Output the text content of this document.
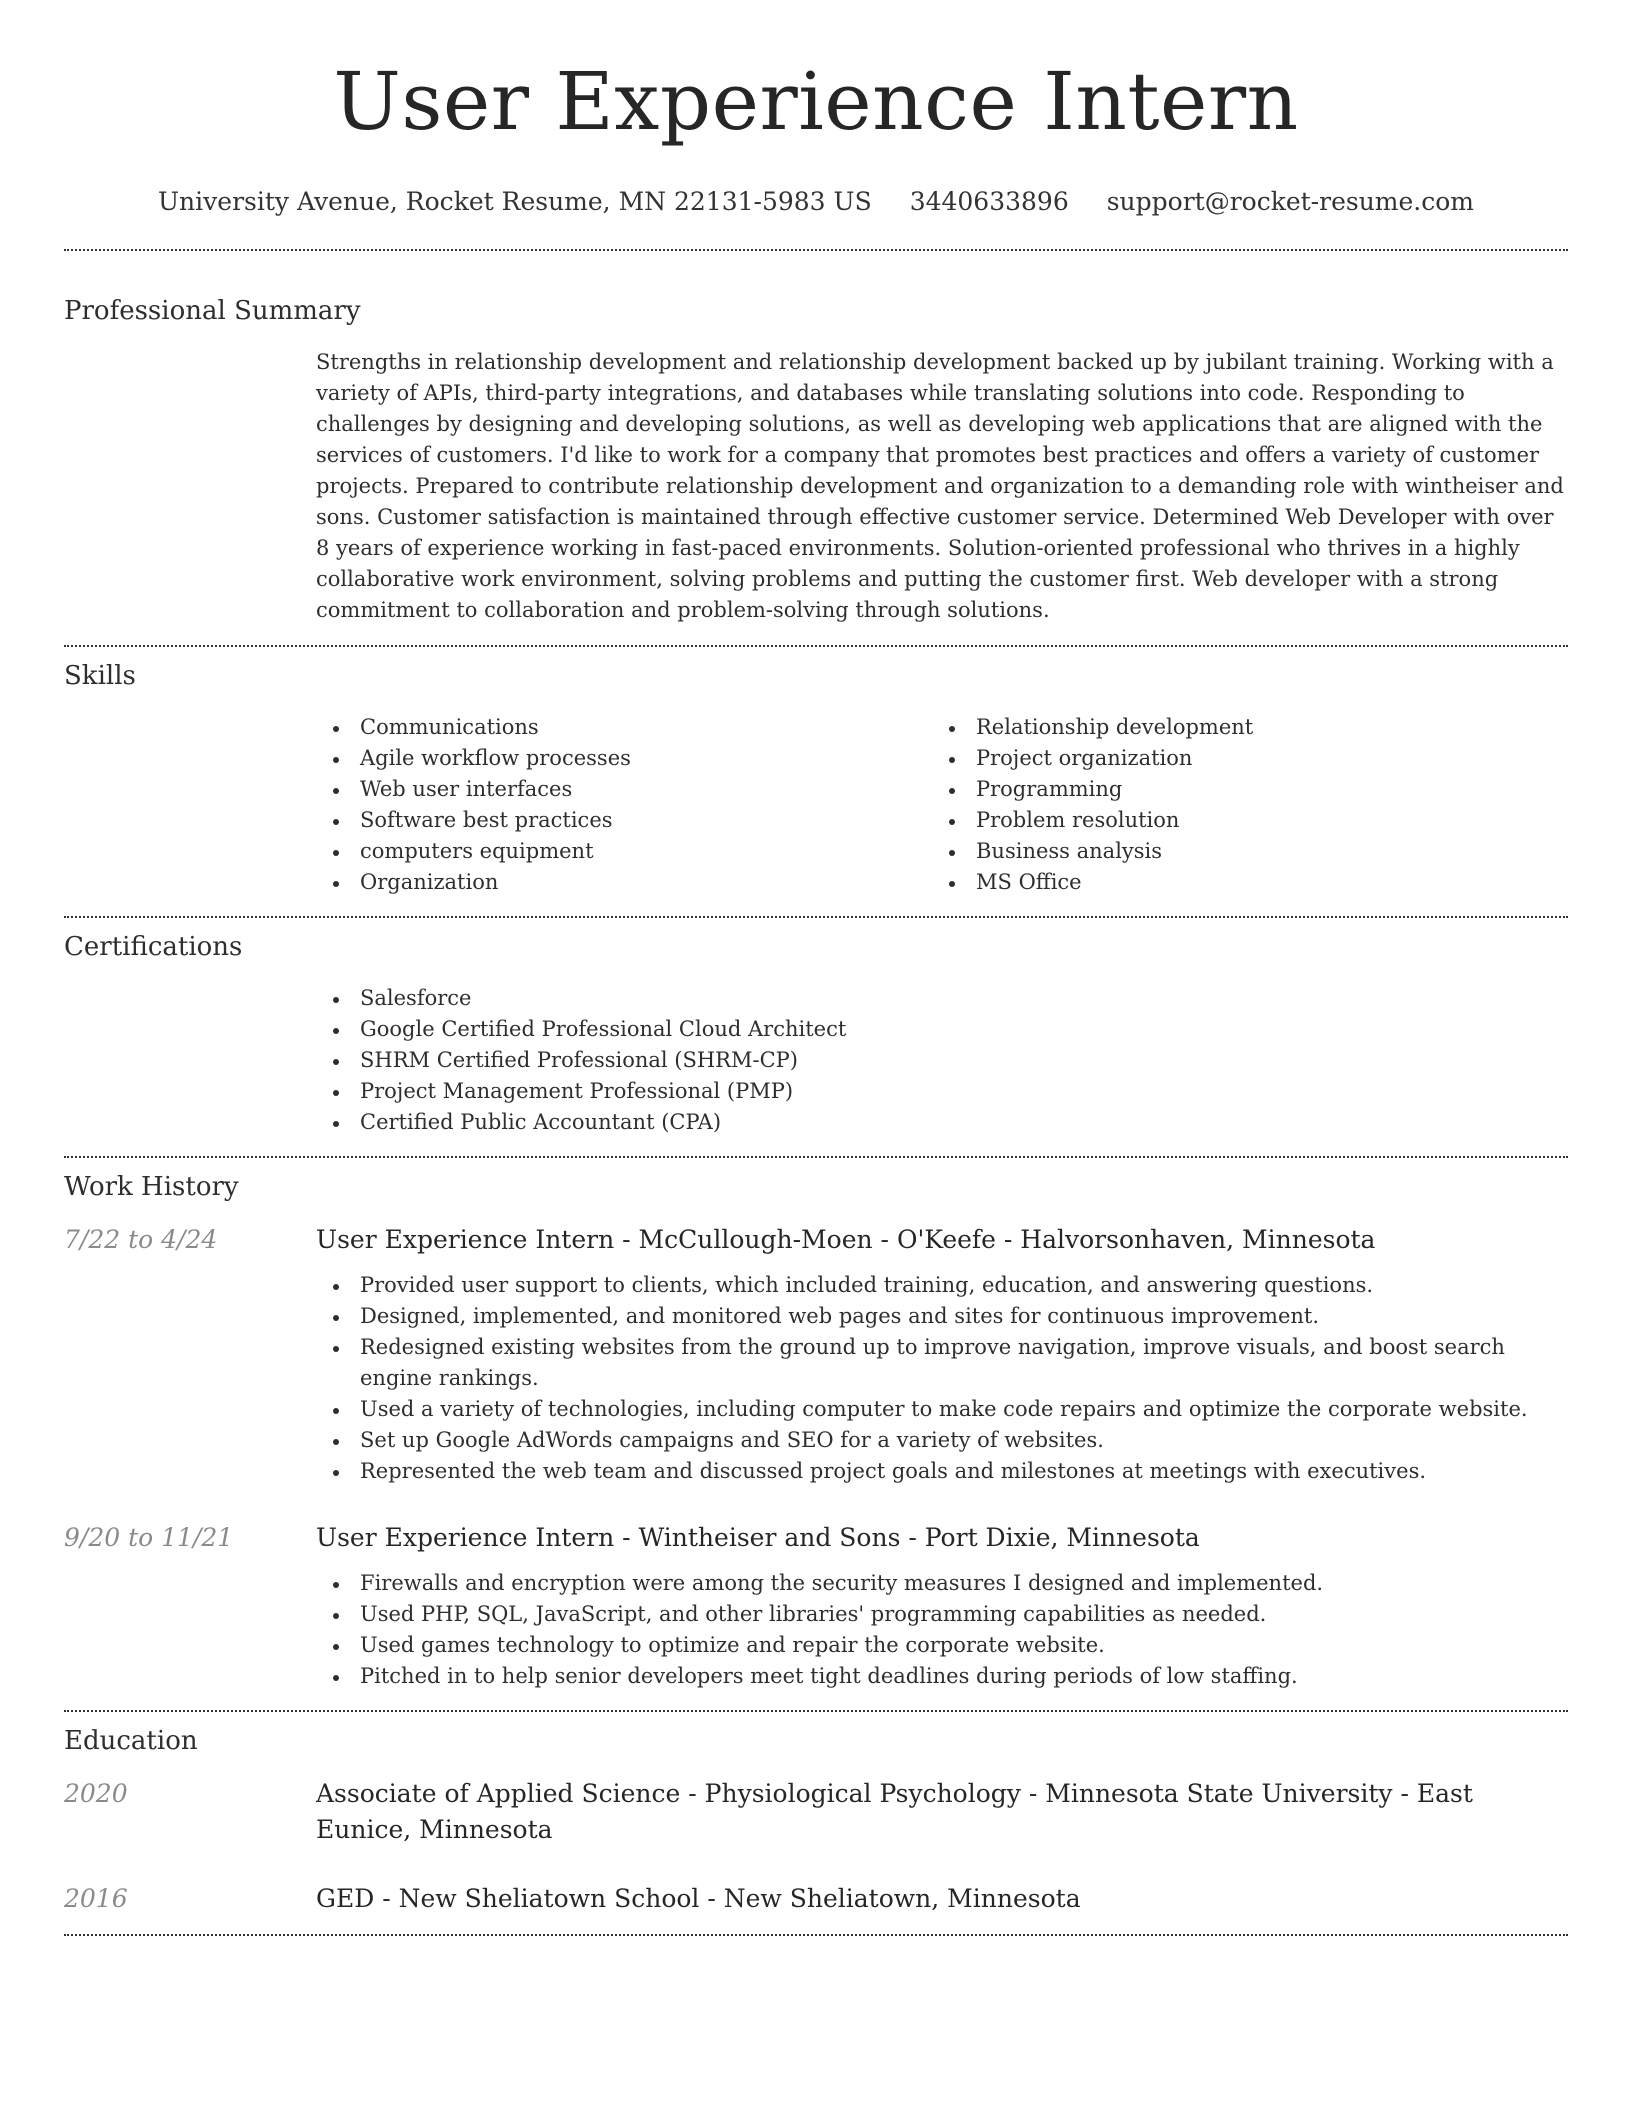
User Experience Intern
University Avenue, Rocket Resume, MN 22131-5983 US 3440633896 support@rocket-resume.com
Professional Summary

Strengths in relationship development and relationship development backed up by jubilant training. Working with a variety of APIs, third-party integrations, and databases while translating solutions into code. Responding to challenges by designing and developing solutions, as well as developing web applications that are aligned with the services of customers. I'd like to work for a company that promotes best practices and offers a variety of customer projects. Prepared to contribute relationship development and organization to a demanding role with wintheiser and sons. Customer satisfaction is maintained through effective customer service. Determined Web Developer with over 8 years of experience working in fast-paced environments. Solution-oriented professional who thrives in a highly collaborative work environment, solving problems and putting the customer first. Web developer with a strong commitment to collaboration and problem-solving through solutions.

Skills
Communications
Agile workflow processes
Web user interfaces
Software best practices
computers equipment
Organization
Relationship development
Project organization
Programming
Problem resolution
Business analysis
MS Office
Certifications
Salesforce
Google Certified Professional Cloud Architect
SHRM Certified Professional (SHRM-CP)
Project Management Professional (PMP)
Certified Public Accountant (CPA)
Work History
7/22 to 4/24	User Experience Intern - McCullough-Moen - O'Keefe - Halvorsonhaven, Minnesota
Provided user support to clients, which included training, education, and answering questions.
Designed, implemented, and monitored web pages and sites for continuous improvement.
Redesigned existing websites from the ground up to improve navigation, improve visuals, and boost search engine rankings.
Used a variety of technologies, including computer to make code repairs and optimize the corporate website.
Set up Google AdWords campaigns and SEO for a variety of websites.
Represented the web team and discussed project goals and milestones at meetings with executives.
9/20 to 11/21	User Experience Intern - Wintheiser and Sons - Port Dixie, Minnesota
Firewalls and encryption were among the security measures I designed and implemented.
Used PHP, SQL, JavaScript, and other libraries' programming capabilities as needed.
Used games technology to optimize and repair the corporate website.
Pitched in to help senior developers meet tight deadlines during periods of low staffing.
Education
2020	Associate of Applied Science - Physiological Psychology - Minnesota State University - East Eunice, Minnesota
2016	GED - New Sheliatown School - New Sheliatown, Minnesota
